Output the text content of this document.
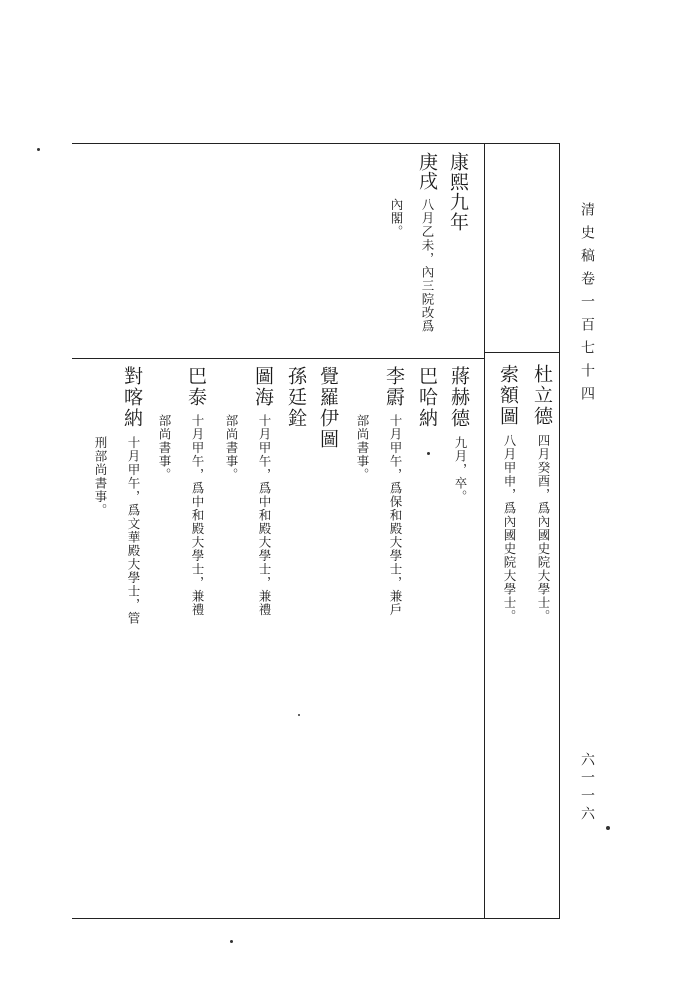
清史稿卷一百七十四
六一一六
杜立德
四月癸酉，爲內國史院大學士。
索額圖
八月甲申，爲內國史院大學士。
康熙九年
庚戌
八月乙未，內三院改爲
內閣。
蔣赫德
九月，卒。
巴哈納
李霨
十月甲午，爲保和殿大學士，兼戶
部尚書事。
覺羅伊圖
孫廷銓
圖海
十月甲午，爲中和殿大學士，兼禮
部尚書事。
巴泰
十月甲午，爲中和殿大學士，兼禮
部尚書事。
對喀納
十月甲午，爲文華殿大學士，管
刑部尚書事。
